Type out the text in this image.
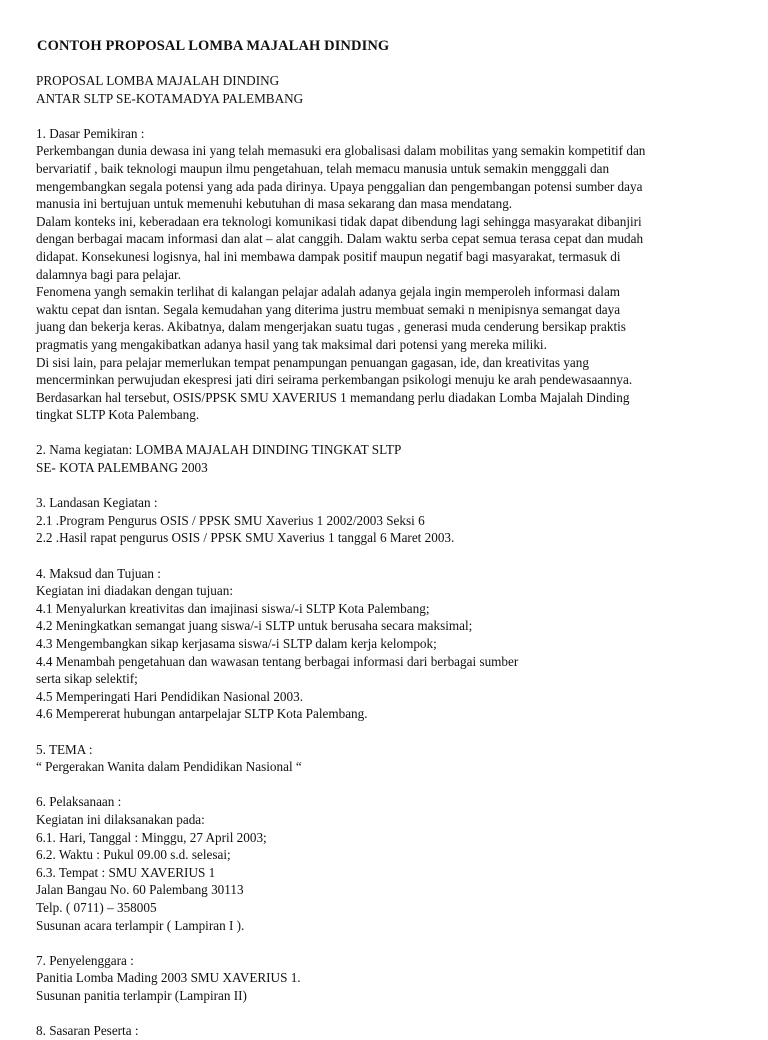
CONTOH PROPOSAL LOMBA MAJALAH DINDING
PROPOSAL LOMBA MAJALAH DINDING
ANTAR SLTP SE-KOTAMADYA PALEMBANG
1. Dasar Pemikiran :
Perkembangan dunia dewasa ini yang telah memasuki era globalisasi dalam mobilitas yang semakin kompetitif dan
bervariatif , baik teknologi maupun ilmu pengetahuan, telah memacu manusia untuk semakin mengggali dan
mengembangkan segala potensi yang ada pada dirinya. Upaya penggalian dan pengembangan potensi sumber daya
manusia ini bertujuan untuk memenuhi kebutuhan di masa sekarang dan masa mendatang.
Dalam konteks ini, keberadaan era teknologi komunikasi tidak dapat dibendung lagi sehingga masyarakat dibanjiri
dengan berbagai macam informasi dan alat – alat canggih. Dalam waktu serba cepat semua terasa cepat dan mudah
didapat. Konsekunesi logisnya, hal ini membawa dampak positif maupun negatif bagi masyarakat, termasuk di
dalamnya bagi para pelajar.
Fenomena yangh semakin terlihat di kalangan pelajar adalah adanya gejala ingin memperoleh informasi dalam
waktu cepat dan isntan. Segala kemudahan yang diterima justru membuat semaki n menipisnya semangat daya
juang dan bekerja keras. Akibatnya, dalam mengerjakan suatu tugas , generasi muda cenderung bersikap praktis
pragmatis yang mengakibatkan adanya hasil yang tak maksimal dari potensi yang mereka miliki.
Di sisi lain, para pelajar memerlukan tempat penampungan penuangan gagasan, ide, dan kreativitas yang
mencerminkan perwujudan ekespresi jati diri seirama perkembangan psikologi menuju ke arah pendewasaannya.
Berdasarkan hal tersebut, OSIS/PPSK SMU XAVERIUS 1 memandang perlu diadakan Lomba Majalah Dinding
tingkat SLTP Kota Palembang.
2. Nama kegiatan: LOMBA MAJALAH DINDING TINGKAT SLTP
SE- KOTA PALEMBANG 2003
3. Landasan Kegiatan :
2.1 .Program Pengurus OSIS / PPSK SMU Xaverius 1 2002/2003 Seksi 6
2.2 .Hasil rapat pengurus OSIS / PPSK SMU Xaverius 1 tanggal 6 Maret 2003.
4. Maksud dan Tujuan :
Kegiatan ini diadakan dengan tujuan:
4.1 Menyalurkan kreativitas dan imajinasi siswa/-i SLTP Kota Palembang;
4.2 Meningkatkan semangat juang siswa/-i SLTP untuk berusaha secara maksimal;
4.3 Mengembangkan sikap kerjasama siswa/-i SLTP dalam kerja kelompok;
4.4 Menambah pengetahuan dan wawasan tentang berbagai informasi dari berbagai sumber
serta sikap selektif;
4.5 Memperingati Hari Pendidikan Nasional 2003.
4.6 Mempererat hubungan antarpelajar SLTP Kota Palembang.
5. TEMA :
“ Pergerakan Wanita dalam Pendidikan Nasional “
6. Pelaksanaan :
Kegiatan ini dilaksanakan pada:
6.1. Hari, Tanggal : Minggu, 27 April 2003;
6.2. Waktu : Pukul 09.00 s.d. selesai;
6.3. Tempat : SMU XAVERIUS 1
Jalan Bangau No. 60 Palembang 30113
Telp. ( 0711) – 358005
Susunan acara terlampir ( Lampiran I ).
7. Penyelenggara :
Panitia Lomba Mading 2003 SMU XAVERIUS 1.
Susunan panitia terlampir (Lampiran II)
8. Sasaran Peserta :
